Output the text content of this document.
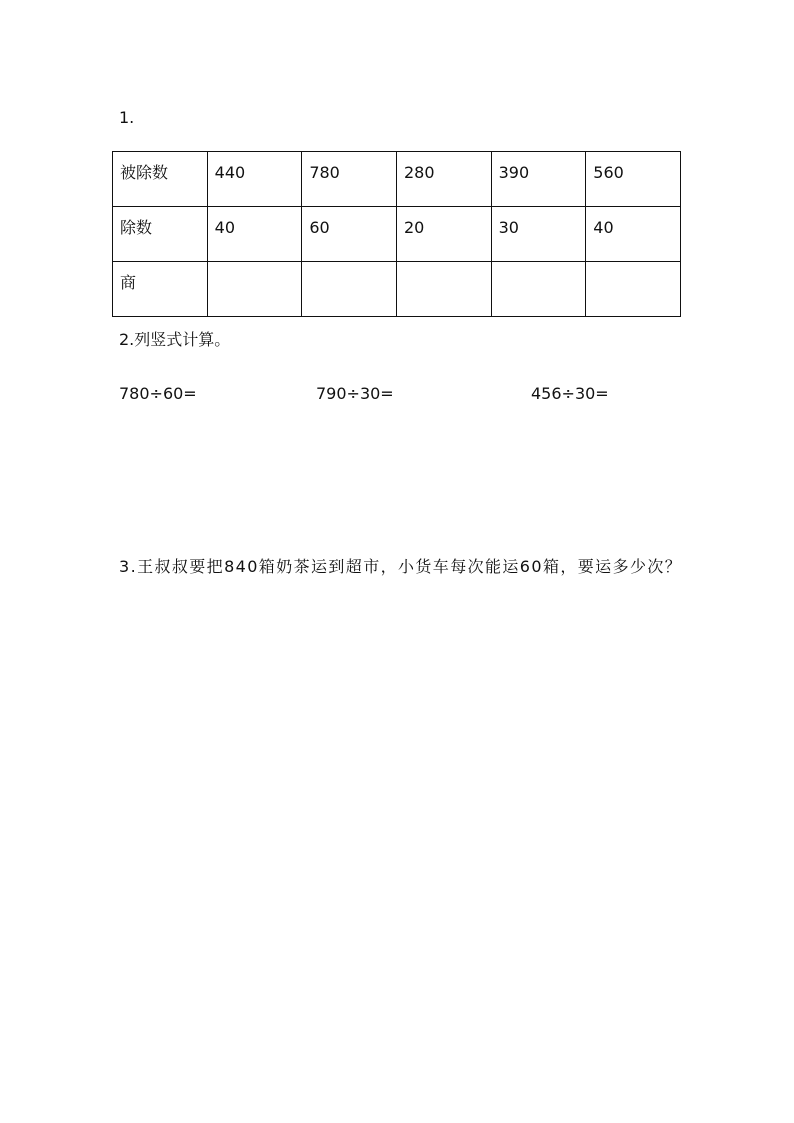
1.
被除数	440	780	280	390	560

除数	40	60	20	30	40

商					

2.列竖式计算。
780÷60=	790÷30=	456÷30=
3.王叔叔要把840箱奶茶运到超市，小货车每次能运60箱，要运多少次？
